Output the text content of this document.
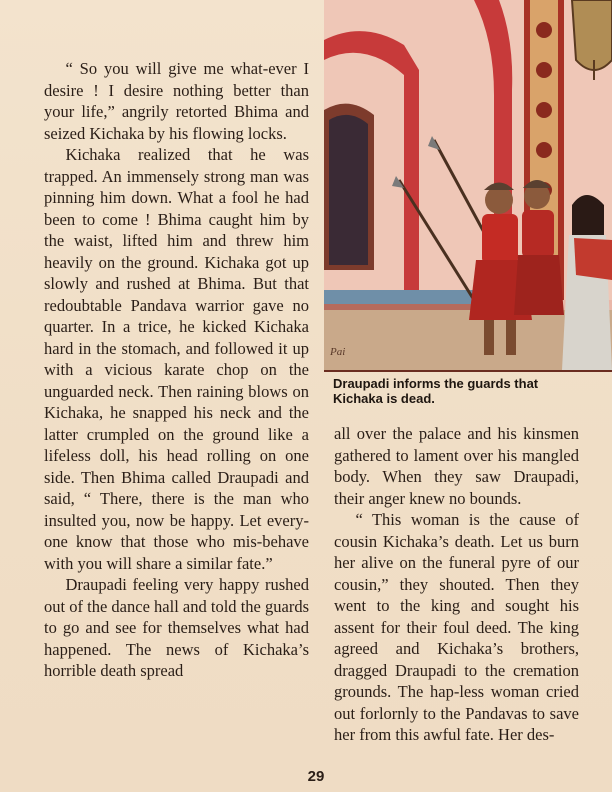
“ So you will give me what-ever I desire ! I desire nothing better than your life,” angrily retorted Bhima and seized Kichaka by his flowing locks.

Kichaka realized that he was trapped. An immensely strong man was pinning him down. What a fool he had been to come ! Bhima caught him by the waist, lifted him and threw him heavily on the ground. Kichaka got up slowly and rushed at Bhima. But that redoubtable Pandava warrior gave no quarter. In a trice, he kicked Kichaka hard in the stomach, and followed it up with a vicious karate chop on the unguarded neck. Then raining blows on Kichaka, he snapped his neck and the latter crumpled on the ground like a lifeless doll, his head rolling on one side. Then Bhima called Draupadi and said, “ There, there is the man who insulted you, now be happy. Let every-one know that those who mis-behave with you will share a similar fate.”

Draupadi feeling very happy rushed out of the dance hall and told the guards to go and see for themselves what had happened. The news of Kichaka’s horrible death spread

Pai
Draupadi informs the guards that Kichaka is dead.

all over the palace and his kinsmen gathered to lament over his mangled body. When they saw Draupadi, their anger knew no bounds.

“ This woman is the cause of cousin Kichaka’s death. Let us burn her alive on the funeral pyre of our cousin,” they shouted. Then they went to the king and sought his assent for their foul deed. The king agreed and Kichaka’s brothers, dragged Draupadi to the cremation grounds. The hap-less woman cried out forlornly to the Pandavas to save her from this awful fate. Her des-

29
